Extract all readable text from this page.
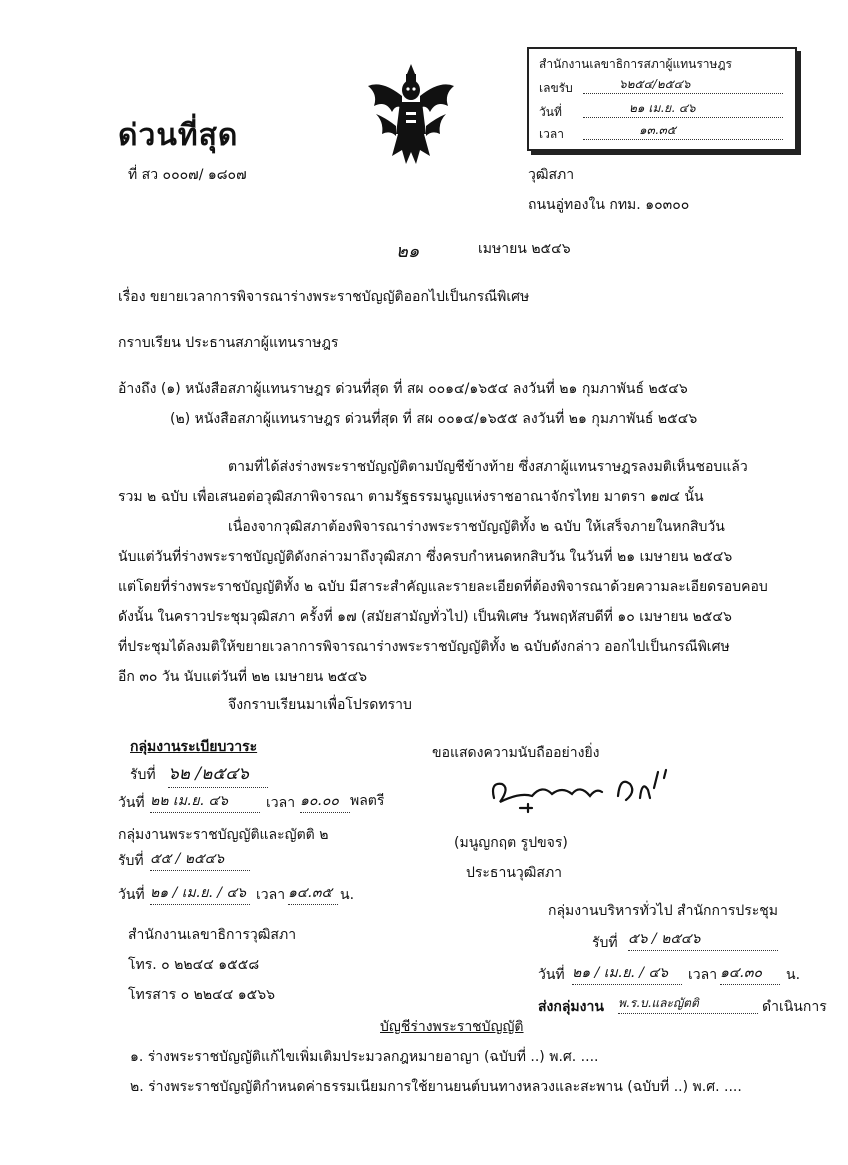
ด่วนที่สุด
ที่ สว ๐๐๐๗/ ๑๘๐๗	วุฒิสภา
ถนนอู่ทองใน กทม. ๑๐๓๐๐
สำนักงานเลขาธิการสภาผู้แทนราษฎร
เลขรับ	๖๒๕๔/๒๕๔๖
วันที่	๒๑ เม.ย. ๔๖
เวลา	๑๓.๓๕
๒๑	เมษายน ๒๕๔๖
เรื่อง ขยายเวลาการพิจารณาร่างพระราชบัญญัติออกไปเป็นกรณีพิเศษ
กราบเรียน ประธานสภาผู้แทนราษฎร
อ้างถึง (๑) หนังสือสภาผู้แทนราษฎร ด่วนที่สุด ที่ สผ ๐๐๑๔/๑๖๕๔ ลงวันที่ ๒๑ กุมภาพันธ์ ๒๕๔๖
(๒) หนังสือสภาผู้แทนราษฎร ด่วนที่สุด ที่ สผ ๐๐๑๔/๑๖๕๕ ลงวันที่ ๒๑ กุมภาพันธ์ ๒๕๔๖
ตามที่ได้ส่งร่างพระราชบัญญัติตามบัญชีข้างท้าย ซึ่งสภาผู้แทนราษฎรลงมติเห็นชอบแล้ว
รวม ๒ ฉบับ เพื่อเสนอต่อวุฒิสภาพิจารณา ตามรัฐธรรมนูญแห่งราชอาณาจักรไทย มาตรา ๑๗๔ นั้น
เนื่องจากวุฒิสภาต้องพิจารณาร่างพระราชบัญญัติทั้ง ๒ ฉบับ ให้เสร็จภายในหกสิบวัน
นับแต่วันที่ร่างพระราชบัญญัติดังกล่าวมาถึงวุฒิสภา ซึ่งครบกำหนดหกสิบวัน ในวันที่ ๒๑ เมษายน ๒๕๔๖
แต่โดยที่ร่างพระราชบัญญัติทั้ง ๒ ฉบับ มีสาระสำคัญและรายละเอียดที่ต้องพิจารณาด้วยความละเอียดรอบคอบ
ดังนั้น ในคราวประชุมวุฒิสภา ครั้งที่ ๑๗ (สมัยสามัญทั่วไป) เป็นพิเศษ วันพฤหัสบดีที่ ๑๐ เมษายน ๒๕๔๖
ที่ประชุมได้ลงมติให้ขยายเวลาการพิจารณาร่างพระราชบัญญัติทั้ง ๒ ฉบับดังกล่าว ออกไปเป็นกรณีพิเศษ
อีก ๓๐ วัน นับแต่วันที่ ๒๒ เมษายน ๒๕๔๖
จึงกราบเรียนมาเพื่อโปรดทราบ
กลุ่มงานระเบียบวาระ
รับที่ ๖๒ /๒๕๔๖
วันที่ ๒๒ เม.ย. ๔๖	เวลา ๑๐.๐๐
ขอแสดงความนับถืออย่างยิ่ง
พลตรี
(มนูญกฤต รูปขจร)
ประธานวุฒิสภา
กลุ่มงานพระราชบัญญัติและญัตติ ๒
รับที่ ๕๕ / ๒๕๔๖
วันที่ ๒๑ / เม.ย. / ๔๖ เวลา ๑๔.๓๕ น.
กลุ่มงานบริหารทั่วไป สำนักการประชุม
รับที่ ๕๖ / ๒๕๔๖
วันที่ ๒๑ / เม.ย. / ๔๖	เวลา ๑๔.๓๐	น.
ส่งกลุ่มงาน พ.ร.บ.และญัตติ	ดำเนินการ
สำนักงานเลขาธิการวุฒิสภา
โทร. ๐ ๒๒๔๔ ๑๕๕๘
โทรสาร ๐ ๒๒๔๔ ๑๕๖๖
บัญชีร่างพระราชบัญญัติ
๑. ร่างพระราชบัญญัติแก้ไขเพิ่มเติมประมวลกฎหมายอาญา (ฉบับที่ ..) พ.ศ. ....
๒. ร่างพระราชบัญญัติกำหนดค่าธรรมเนียมการใช้ยานยนต์บนทางหลวงและสะพาน (ฉบับที่ ..) พ.ศ. ....
